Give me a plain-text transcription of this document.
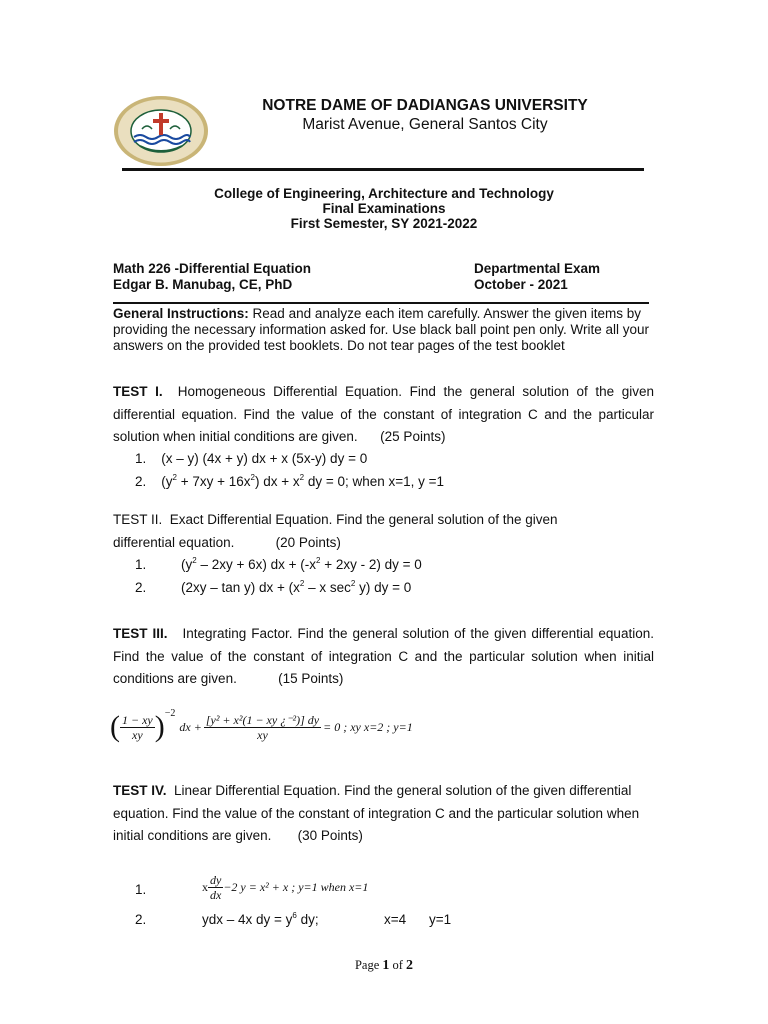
NOTRE DAME OF DADIANGAS UNIVERSITY
Marist Avenue, General Santos City
College of Engineering, Architecture and Technology
Final Examinations
First Semester, SY 2021-2022
Math 226 -Differential Equation
Edgar B. Manubag, CE, PhD
Departmental Exam
October - 2021
General Instructions: Read and analyze each item carefully. Answer the given items by providing the necessary information asked for. Use black ball point pen only. Write all your answers on the provided test booklets. Do not tear pages of the test booklet
TEST I. Homogeneous Differential Equation. Find the general solution of the given differential equation. Find the value of the constant of integration C and the particular solution when initial conditions are given. (25 Points)
1. (x – y) (4x + y) dx + x (5x-y) dy = 0
2. $(y^2 + 7xy + 16x^2)$ dx + $x^2$ dy = 0; when x=1, y =1
TEST II. Exact Differential Equation. Find the general solution of the given differential equation.	(20 Points)
1.	$(y^2 - 2xy + 6x)$ dx + $(-x^2 + 2xy - 2)$ dy = 0
2.	(2xy – tan y) dx + ($x^2$ – x $\sec^2 y$) dy = 0
TEST III. Integrating Factor. Find the general solution of the given differential equation. Find the value of the constant of integration C and the particular solution when initial conditions are given.	(15 Points)
( $\frac{1 - xy}{xy}$ ) −2
dx + $\frac{\text{[y² + x²(1 − xy ¿⁻²)] dy}}{xy} = 0$ ; xy x=2 ; y=1
TEST IV. Linear Differential Equation. Find the general solution of the given differential equation. Find the value of the constant of integration C and the particular solution when initial conditions are given. (30 Points)
1.	x $\frac{dy}{dx} -2$ y = x² + x ; y=1 when x=1
2.	ydx – 4x dy = $y^6$ dy;	x=4 y=1
Page 1 of 2
